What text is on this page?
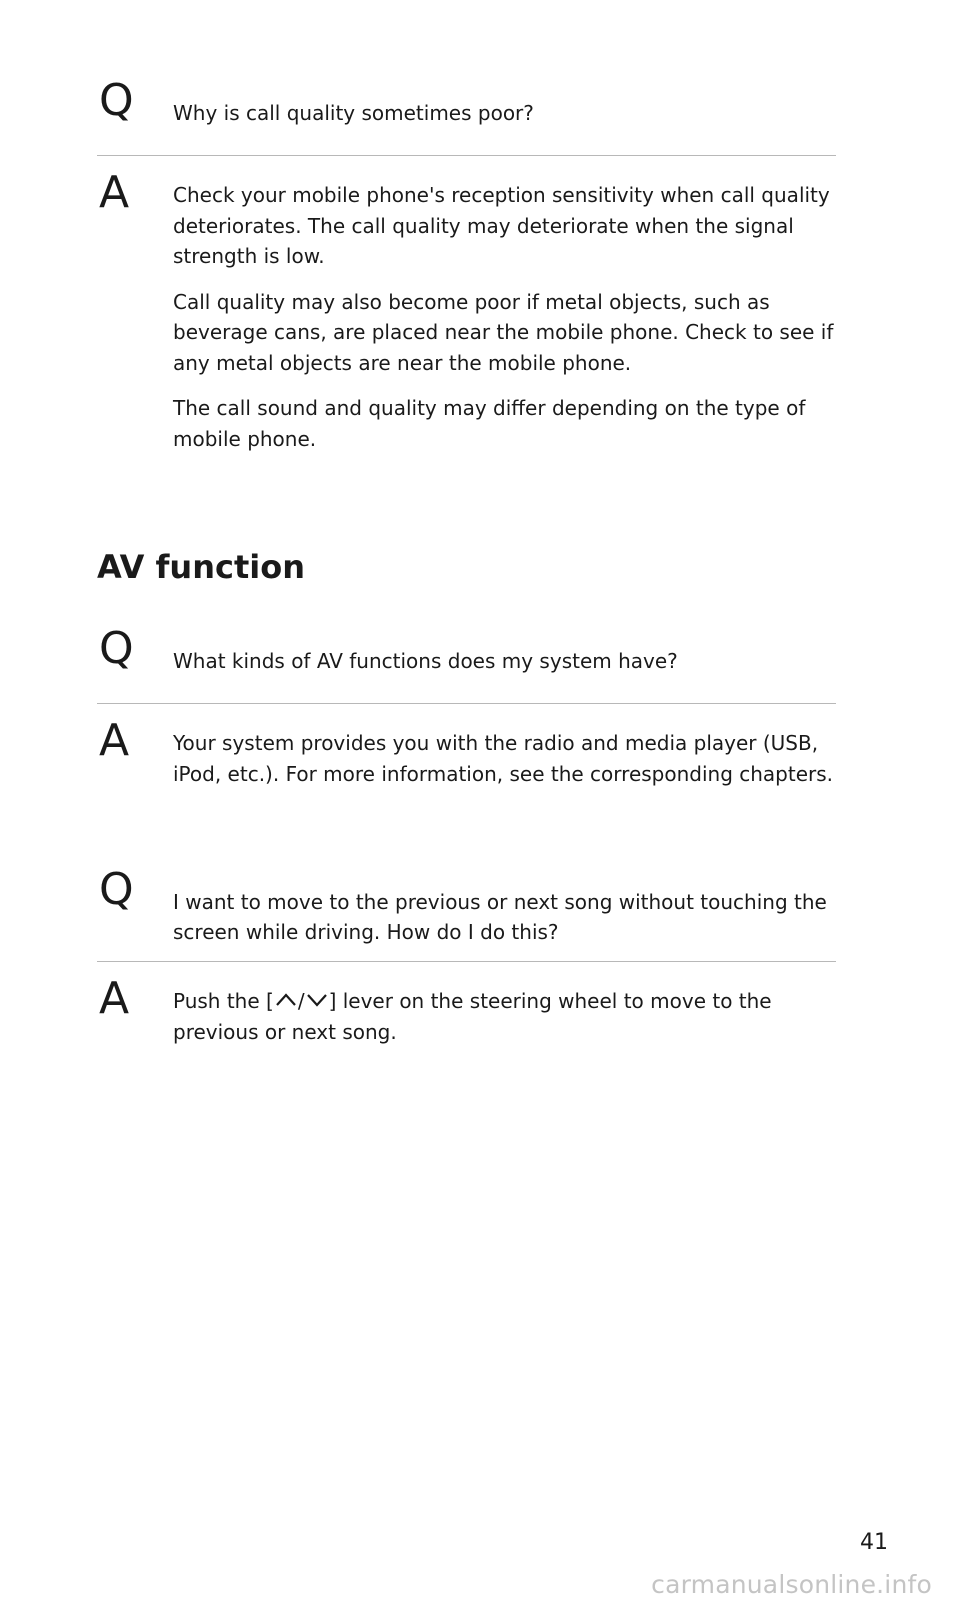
Q Why is call quality sometimes poor?
A Check your mobile phone's reception sensitivity when call quality deteriorates. The call quality may deteriorate when the signal strength is low.

Call quality may also become poor if metal objects, such as beverage cans, are placed near the mobile phone. Check to see if any metal objects are near the mobile phone.

The call sound and quality may differ depending on the type of mobile phone.

AV function
Q What kinds of AV functions does my system have?
A Your system provides you with the radio and media player (USB, iPod, etc.). For more information, see the corresponding chapters.

Q I want to move to the previous or next song without touching the screen while driving. How do I do this?
A Push the [ / ] lever on the steering wheel to move to the previous or next song.

41
carmanualsonline.info
